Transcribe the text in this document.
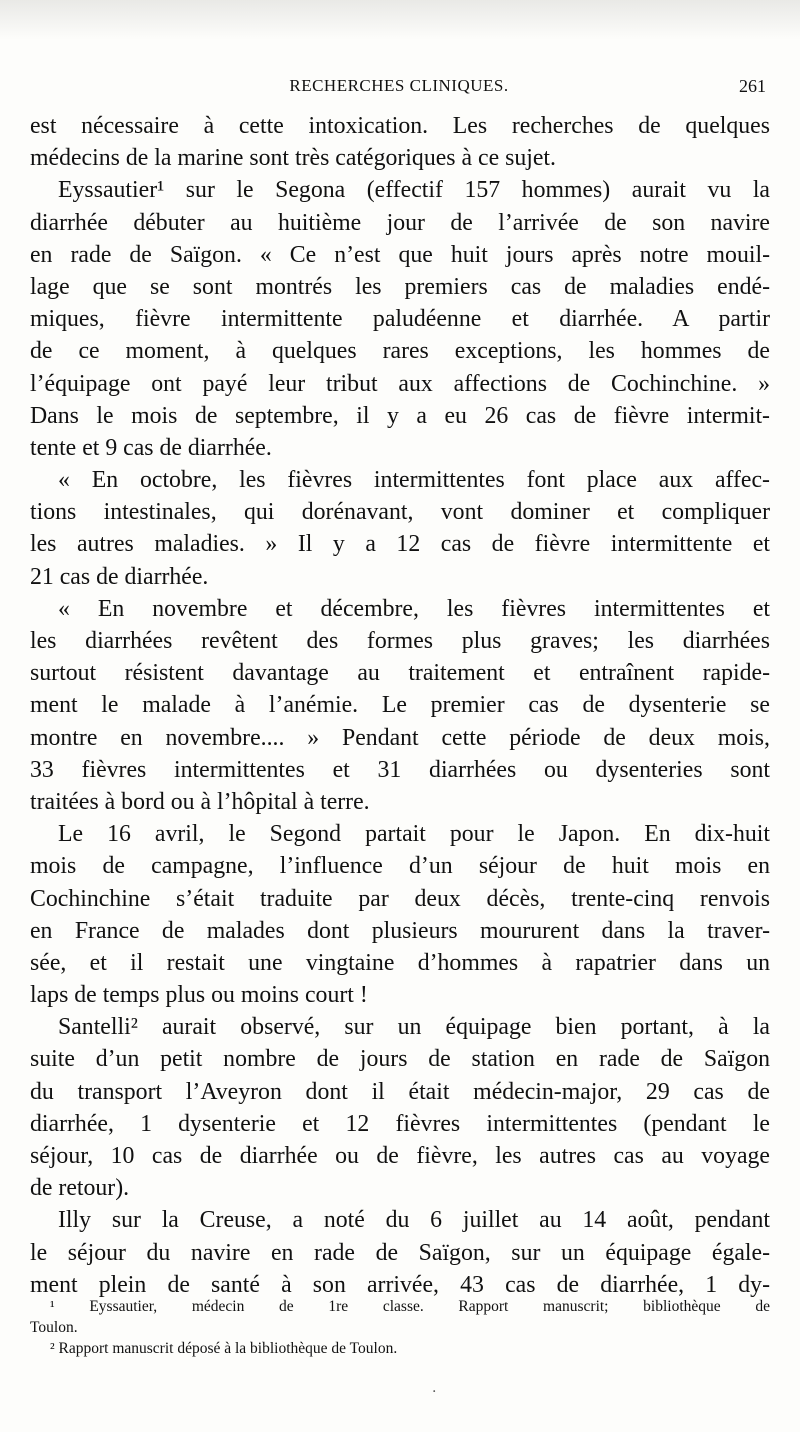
RECHERCHES CLINIQUES.	261
est nécessaire à cette intoxication. Les recherches de quelques
médecins de la marine sont très catégoriques à ce sujet.
Eyssautier¹ sur le Segona (effectif 157 hommes) aurait vu la
diarrhée débuter au huitième jour de l’arrivée de son navire
en rade de Saïgon. « Ce n’est que huit jours après notre mouil-
lage que se sont montrés les premiers cas de maladies endé-
miques, fièvre intermittente paludéenne et diarrhée. A partir
de ce moment, à quelques rares exceptions, les hommes de
l’équipage ont payé leur tribut aux affections de Cochinchine. »
Dans le mois de septembre, il y a eu 26 cas de fièvre intermit-
tente et 9 cas de diarrhée.
« En octobre, les fièvres intermittentes font place aux affec-
tions intestinales, qui dorénavant, vont dominer et compliquer
les autres maladies. » Il y a 12 cas de fièvre intermittente et
21 cas de diarrhée.
« En novembre et décembre, les fièvres intermittentes et
les diarrhées revêtent des formes plus graves; les diarrhées
surtout résistent davantage au traitement et entraînent rapide-
ment le malade à l’anémie. Le premier cas de dysenterie se
montre en novembre.... » Pendant cette période de deux mois,
33 fièvres intermittentes et 31 diarrhées ou dysenteries sont
traitées à bord ou à l’hôpital à terre.
Le 16 avril, le Segond partait pour le Japon. En dix-huit
mois de campagne, l’influence d’un séjour de huit mois en
Cochinchine s’était traduite par deux décès, trente-cinq renvois
en France de malades dont plusieurs moururent dans la traver-
sée, et il restait une vingtaine d’hommes à rapatrier dans un
laps de temps plus ou moins court !
Santelli² aurait observé, sur un équipage bien portant, à la
suite d’un petit nombre de jours de station en rade de Saïgon
du transport l’Aveyron dont il était médecin-major, 29 cas de
diarrhée, 1 dysenterie et 12 fièvres intermittentes (pendant le
séjour, 10 cas de diarrhée ou de fièvre, les autres cas au voyage
de retour).
Illy sur la Creuse, a noté du 6 juillet au 14 août, pendant
le séjour du navire en rade de Saïgon, sur un équipage égale-
ment plein de santé à son arrivée, 43 cas de diarrhée, 1 dy-
¹ Eyssautier, médecin de 1re classe. Rapport manuscrit; bibliothèque de
Toulon.
² Rapport manuscrit déposé à la bibliothèque de Toulon.
·
